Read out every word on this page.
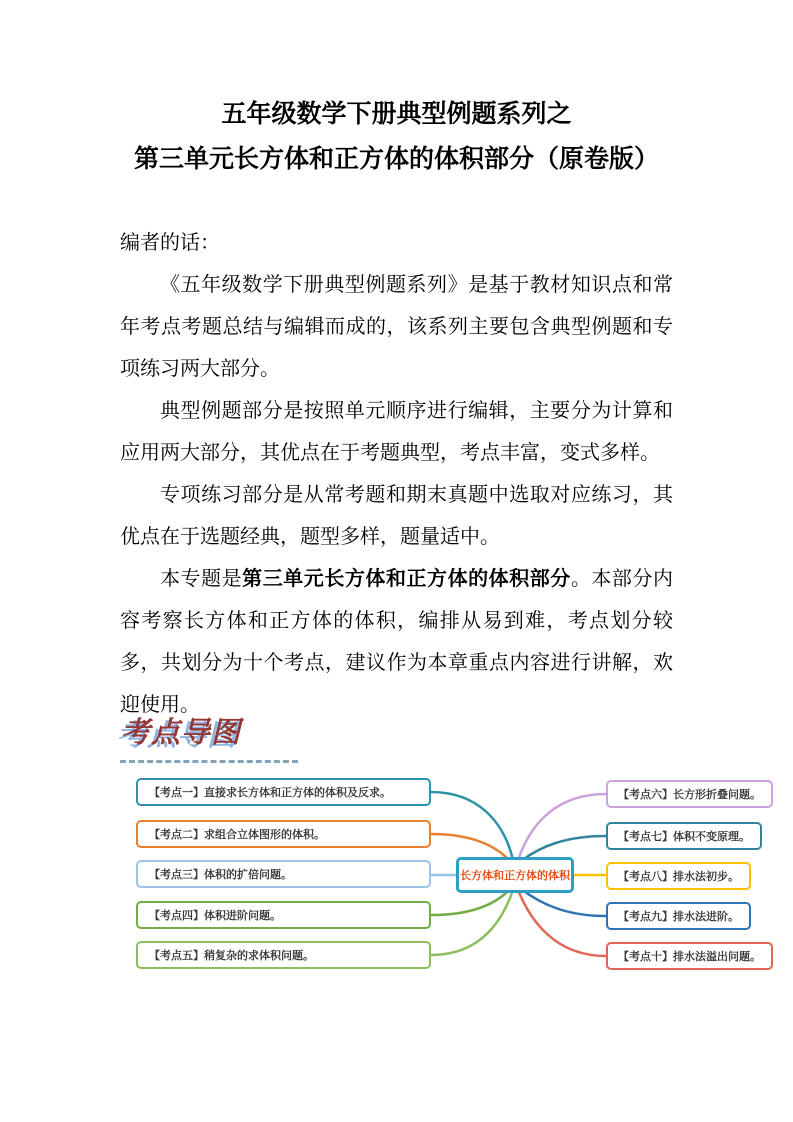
五年级数学下册典型例题系列之
第三单元长方体和正方体的体积部分（原卷版）

编者的话：

《五年级数学下册典型例题系列》是基于教材知识点和常年考点考题总结与编辑而成的，该系列主要包含典型例题和专项练习两大部分。

典型例题部分是按照单元顺序进行编辑，主要分为计算和应用两大部分，其优点在于考题典型，考点丰富，变式多样。

专项练习部分是从常考题和期末真题中选取对应练习，其优点在于选题经典，题型多样，题量适中。

本专题是第三单元长方体和正方体的体积部分。本部分内容考察长方体和正方体的体积，编排从易到难，考点划分较多，共划分为十个考点，建议作为本章重点内容进行讲解，欢迎使用。

考点导图
【考点一】直接求长方体和正方体的体积及反求。
【考点二】求组合立体图形的体积。
【考点三】体积的扩倍问题。
【考点四】体积进阶问题。
【考点五】稍复杂的求体积问题。
【考点六】长方形折叠问题。
【考点七】体积不变原理。
【考点八】排水法初步。
【考点九】排水法进阶。
【考点十】排水法溢出问题。
长方体和正方体的体积
